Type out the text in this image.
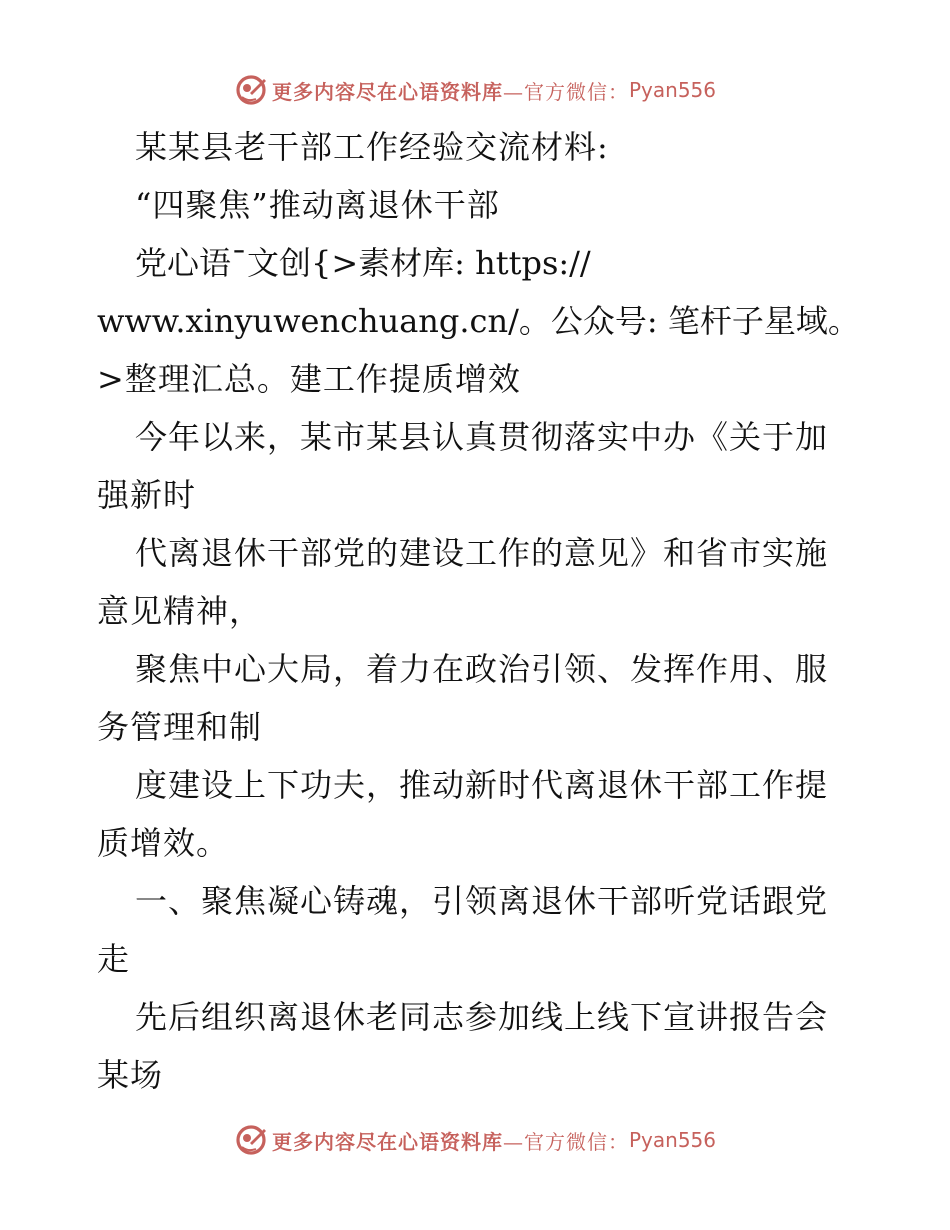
更多内容尽在心语资料库 —官方微信： Pyan556
某某县老干部工作经验交流材料:
“四聚焦”推动离退休干部
党心语¯文创{>素材库: https://
www.xinyuwenchuang.cn/。公众号: 笔杆子星域。
>整理汇总。建工作提质增效
今年以来，某市某县认真贯彻落实中办《关于加
强新时
代离退休干部党的建设工作的意见》和省市实施
意见精神，
聚焦中心大局，着力在政治引领、发挥作用、服
务管理和制
度建设上下功夫，推动新时代离退休干部工作提
质增效。
一、聚焦凝心铸魂，引领离退休干部听党话跟党
走
先后组织离退休老同志参加线上线下宣讲报告会
某场
更多内容尽在心语资料库 —官方微信： Pyan556
